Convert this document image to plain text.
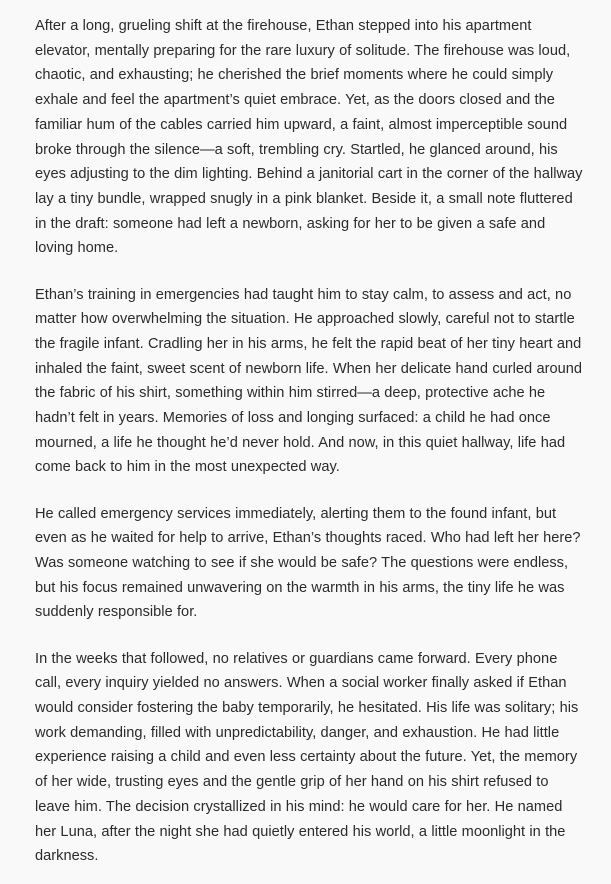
After a long, grueling shift at the firehouse, Ethan stepped into his apartment elevator, mentally preparing for the rare luxury of solitude. The firehouse was loud, chaotic, and exhausting; he cherished the brief moments where he could simply exhale and feel the apartment’s quiet embrace. Yet, as the doors closed and the familiar hum of the cables carried him upward, a faint, almost imperceptible sound broke through the silence—a soft, trembling cry. Startled, he glanced around, his eyes adjusting to the dim lighting. Behind a janitorial cart in the corner of the hallway lay a tiny bundle, wrapped snugly in a pink blanket. Beside it, a small note fluttered in the draft: someone had left a newborn, asking for her to be given a safe and loving home.

Ethan’s training in emergencies had taught him to stay calm, to assess and act, no matter how overwhelming the situation. He approached slowly, careful not to startle the fragile infant. Cradling her in his arms, he felt the rapid beat of her tiny heart and inhaled the faint, sweet scent of newborn life. When her delicate hand curled around the fabric of his shirt, something within him stirred—a deep, protective ache he hadn’t felt in years. Memories of loss and longing surfaced: a child he had once mourned, a life he thought he’d never hold. And now, in this quiet hallway, life had come back to him in the most unexpected way.

He called emergency services immediately, alerting them to the found infant, but even as he waited for help to arrive, Ethan’s thoughts raced. Who had left her here? Was someone watching to see if she would be safe? The questions were endless, but his focus remained unwavering on the warmth in his arms, the tiny life he was suddenly responsible for.

In the weeks that followed, no relatives or guardians came forward. Every phone call, every inquiry yielded no answers. When a social worker finally asked if Ethan would consider fostering the baby temporarily, he hesitated. His life was solitary; his work demanding, filled with unpredictability, danger, and exhaustion. He had little experience raising a child and even less certainty about the future. Yet, the memory of her wide, trusting eyes and the gentle grip of her hand on his shirt refused to leave him. The decision crystallized in his mind: he would care for her. He named her Luna, after the night she had quietly entered his world, a little moonlight in the darkness.
